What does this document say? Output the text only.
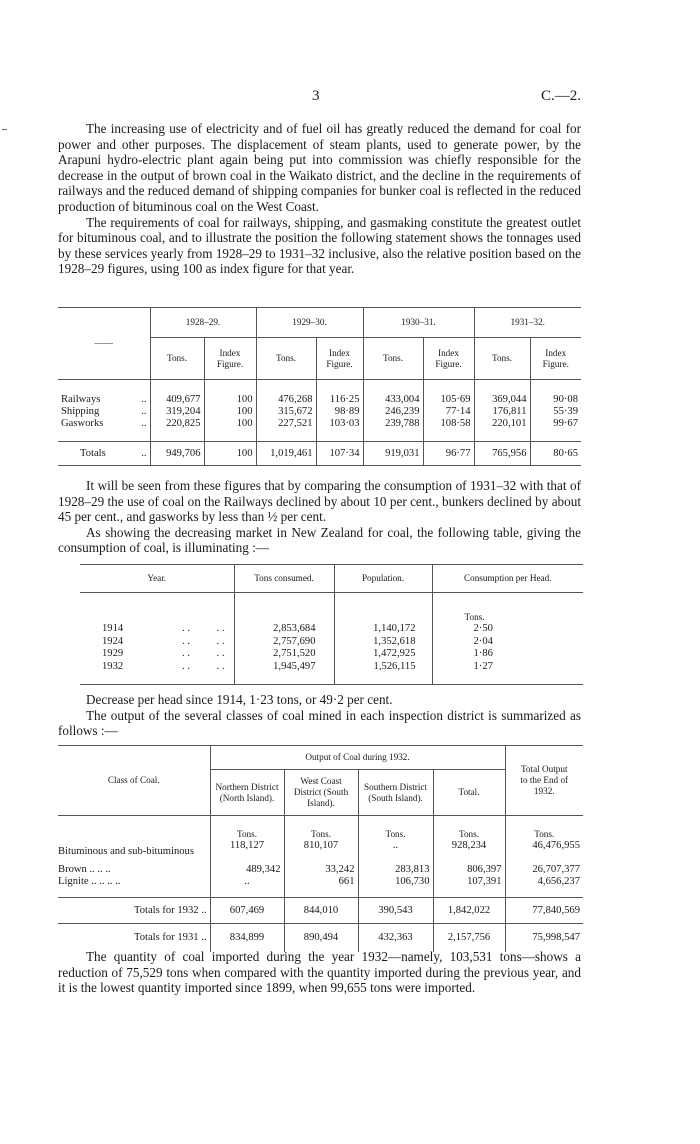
3	C.—2.

The increasing use of electricity and of fuel oil has greatly reduced the demand for coal for power and other purposes. The displacement of steam plants, used to generate power, by the Arapuni hydro-electric plant again being put into commission was chiefly responsible for the decrease in the output of brown coal in the Waikato district, and the decline in the requirements of railways and the reduced demand of shipping companies for bunker coal is reflected in the reduced production of bituminous coal on the West Coast.

The requirements of coal for railways, shipping, and gasmaking constitute the greatest outlet for bituminous coal, and to illustrate the position the following statement shows the tonnages used by these services yearly from 1928–29 to 1931–32 inclusive, also the relative position based on the 1928–29 figures, using 100 as index figure for that year.

——	1928–29.		1929–30.		1930–31.		1931–32.	
	Tons.	Index Figure.	Tons.	Index Figure.	Tons.	Index Figure.	Tons.	Index Figure.

Railways ..	409,677	100	476,268	116·25	433,004	105·69	369,044	90·08
Shipping ..	319,204	100	315,672	98·89	246,239	77·14	176,811	55·39
Gasworks ..	220,825	100	227,521	103·03	239,788	108·58	220,101	99·67

Totals ..	949,706	100	1,019,461	107·34	919,031	96·77	765,956	80·65

It will be seen from these figures that by comparing the consumption of 1931–32 with that of 1928–29 the use of coal on the Railways declined by about 10 per cent., bunkers declined by about 45 per cent., and gasworks by less than ½ per cent.

As showing the decreasing market in New Zealand for coal, the following table, giving the consumption of coal, is illuminating :—

Year.	Tons consumed.	Population.	Consumption per Head.
			Tons.
1914 . .          . .	2,853,684	1,140,172	2·50
1924 . .          . .	2,757,690	1,352,618	2·04
1929 . .          . .	2,751,520	1,472,925	1·86
1932 . .          . .	1,945,497	1,526,115	1·27

Decrease per head since 1914, 1·23 tons, or 49·2 per cent.

The output of the several classes of coal mined in each inspection district is summarized as follows :—

Class of Coal.	Output of Coal during 1932.				Total Output to the End of 1932.
	Northern District (North Island).	West Coast District (South Island).	Southern District (South Island).	Total.	
	Tons.	Tons.	Tons.	Tons.	Tons.
Bituminous and sub-bituminous	118,127	810,107	..	928,234	46,476,955
Brown .. .. ..	489,342	33,242	283,813	806,397	26,707,377
Lignite .. .. .. ..	..	661	106,730	107,391	4,656,237

Totals for 1932 ..	607,469	844,010	390,543	1,842,022	77,840,569
Totals for 1931 ..	834,899	890,494	432,363	2,157,756	75,998,547

The quantity of coal imported during the year 1932—namely, 103,531 tons—shows a reduction of 75,529 tons when compared with the quantity imported during the previous year, and it is the lowest quantity imported since 1899, when 99,655 tons were imported.
